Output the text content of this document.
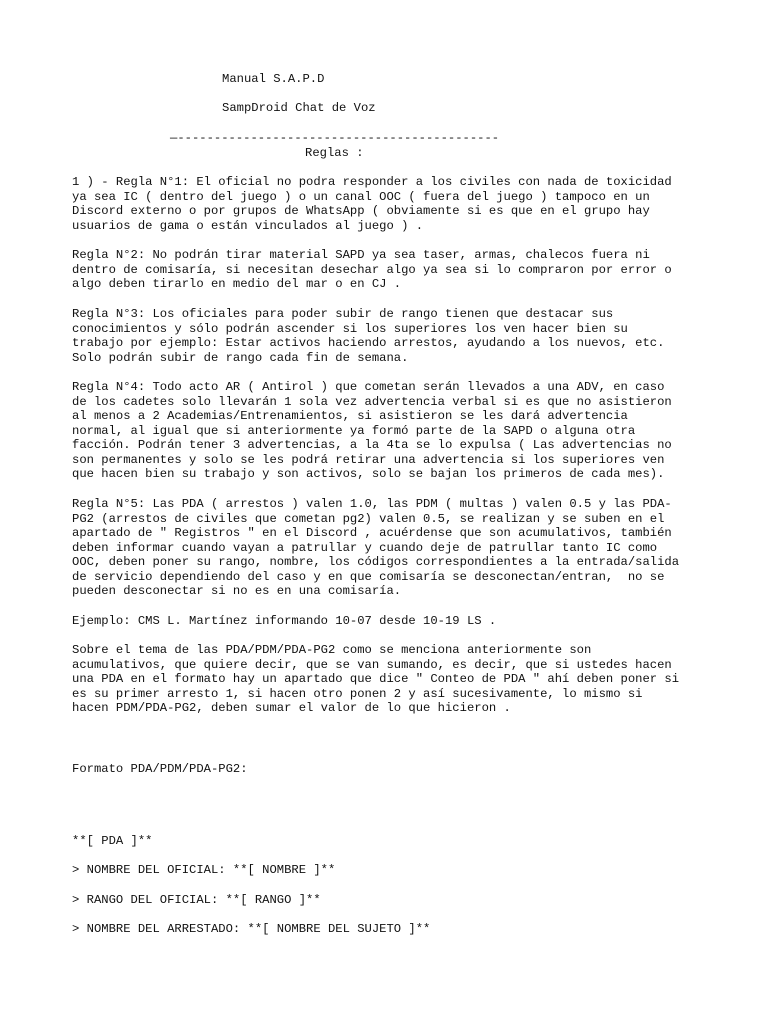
Manual S.A.P.D

SampDroid Chat de Voz

—--------------------------------------------

Reglas :

1 ) - Regla N°1: El oficial no podra responder a los civiles con nada de toxicidad
ya sea IC ( dentro del juego ) o un canal OOC ( fuera del juego ) tampoco en un
Discord externo o por grupos de WhatsApp ( obviamente si es que en el grupo hay
usuarios de gama o están vinculados al juego ) .

Regla N°2: No podrán tirar material SAPD ya sea taser, armas, chalecos fuera ni
dentro de comisaría, si necesitan desechar algo ya sea si lo compraron por error o
algo deben tirarlo en medio del mar o en CJ .

Regla N°3: Los oficiales para poder subir de rango tienen que destacar sus
conocimientos y sólo podrán ascender si los superiores los ven hacer bien su
trabajo por ejemplo: Estar activos haciendo arrestos, ayudando a los nuevos, etc.
Solo podrán subir de rango cada fin de semana.

Regla N°4: Todo acto AR ( Antirol ) que cometan serán llevados a una ADV, en caso
de los cadetes solo llevarán 1 sola vez advertencia verbal si es que no asistieron
al menos a 2 Academias/Entrenamientos, si asistieron se les dará advertencia
normal, al igual que si anteriormente ya formó parte de la SAPD o alguna otra
facción. Podrán tener 3 advertencias, a la 4ta se lo expulsa ( Las advertencias no
son permanentes y solo se les podrá retirar una advertencia si los superiores ven
que hacen bien su trabajo y son activos, solo se bajan los primeros de cada mes).

Regla N°5: Las PDA ( arrestos ) valen 1.0, las PDM ( multas ) valen 0.5 y las PDA-
PG2 (arrestos de civiles que cometan pg2) valen 0.5, se realizan y se suben en el
apartado de " Registros " en el Discord , acuérdense que son acumulativos, también
deben informar cuando vayan a patrullar y cuando deje de patrullar tanto IC como
OOC, deben poner su rango, nombre, los códigos correspondientes a la entrada/salida
de servicio dependiendo del caso y en que comisaría se desconectan/entran,  no se
pueden desconectar si no es en una comisaría.

Ejemplo: CMS L. Martínez informando 10-07 desde 10-19 LS .

Sobre el tema de las PDA/PDM/PDA-PG2 como se menciona anteriormente son
acumulativos, que quiere decir, que se van sumando, es decir, que si ustedes hacen
una PDA en el formato hay un apartado que dice " Conteo de PDA " ahí deben poner si
es su primer arresto 1, si hacen otro ponen 2 y así sucesivamente, lo mismo si
hacen PDM/PDA-PG2, deben sumar el valor de lo que hicieron .

Formato PDA/PDM/PDA-PG2:

**[ PDA ]**

> NOMBRE DEL OFICIAL: **[ NOMBRE ]**

> RANGO DEL OFICIAL: **[ RANGO ]**

> NOMBRE DEL ARRESTADO: **[ NOMBRE DEL SUJETO ]**
